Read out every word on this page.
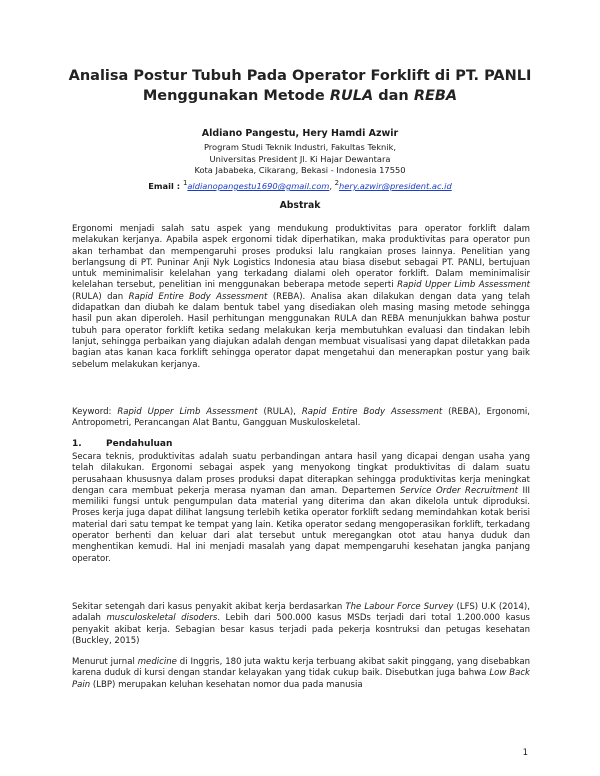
Analisa Postur Tubuh Pada Operator Forklift di PT. PANLI
Menggunakan Metode RULA dan REBA
Aldiano Pangestu, Hery Hamdi Azwir
Program Studi Teknik Industri, Fakultas Teknik,
Universitas President Jl. Ki Hajar Dewantara
Kota Jababeka, Cikarang, Bekasi - Indonesia 17550
Email : $^1$aldianopangestu1690@gmail.com, $^2$hery.azwir@president.ac.id
Abstrak
Ergonomi menjadi salah satu aspek yang mendukung produktivitas para operator forklift dalam melakukan kerjanya. Apabila aspek ergonomi tidak diperhatikan, maka produktivitas para operator pun akan terhambat dan mempengaruhi proses produksi lalu rangkaian proses lainnya. Penelitian yang berlangsung di PT. Puninar Anji Nyk Logistics Indonesia atau biasa disebut sebagai PT. PANLI, bertujuan untuk meminimalisir kelelahan yang terkadang dialami oleh operator forklift. Dalam meminimalisir kelelahan tersebut, penelitian ini menggunakan beberapa metode seperti Rapid Upper Limb Assessment (RULA) dan Rapid Entire Body Assessment (REBA). Analisa akan dilakukan dengan data yang telah didapatkan dan diubah ke dalam bentuk tabel yang disediakan oleh masing masing metode sehingga hasil pun akan diperoleh. Hasil perhitungan menggunakan RULA dan REBA menunjukkan bahwa postur tubuh para operator forklift ketika sedang melakukan kerja membutuhkan evaluasi dan tindakan lebih lanjut, sehingga perbaikan yang diajukan adalah dengan membuat visualisasi yang dapat diletakkan pada bagian atas kanan kaca forklift sehingga operator dapat mengetahui dan menerapkan postur yang baik sebelum melakukan kerjanya.
Keyword: Rapid Upper Limb Assessment (RULA), Rapid Entire Body Assessment (REBA), Ergonomi, Antropometri, Perancangan Alat Bantu, Gangguan Muskuloskeletal.
1.	Pendahuluan
Secara teknis, produktivitas adalah suatu perbandingan antara hasil yang dicapai dengan usaha yang telah dilakukan. Ergonomi sebagai aspek yang menyokong tingkat produktivitas di dalam suatu perusahaan khususnya dalam proses produksi dapat diterapkan sehingga produktivitas kerja meningkat dengan cara membuat pekerja merasa nyaman dan aman. Departemen Service Order Recruitment III memiliki fungsi untuk pengumpulan data material yang diterima dan akan dikelola untuk diproduksi. Proses kerja juga dapat dilihat langsung terlebih ketika operator forklift sedang memindahkan kotak berisi material dari satu tempat ke tempat yang lain. Ketika operator sedang mengoperasikan forklift, terkadang operator berhenti dan keluar dari alat tersebut untuk meregangkan otot atau hanya duduk dan menghentikan kemudi. Hal ini menjadi masalah yang dapat mempengaruhi kesehatan jangka panjang operator.
Sekitar setengah dari kasus penyakit akibat kerja berdasarkan The Labour Force Survey (LFS) U.K (2014), adalah musculoskeletal disoders. Lebih dari 500.000 kasus MSDs terjadi dari total 1.200.000 kasus penyakit akibat kerja. Sebagian besar kasus terjadi pada pekerja kosntruksi dan petugas kesehatan (Buckley, 2015)
Menurut jurnal medicine di Inggris, 180 juta waktu kerja terbuang akibat sakit pinggang, yang disebabkan karena duduk di kursi dengan standar kelayakan yang tidak cukup baik. Disebutkan juga bahwa Low Back Pain (LBP) merupakan keluhan kesehatan nomor dua pada manusia
1
